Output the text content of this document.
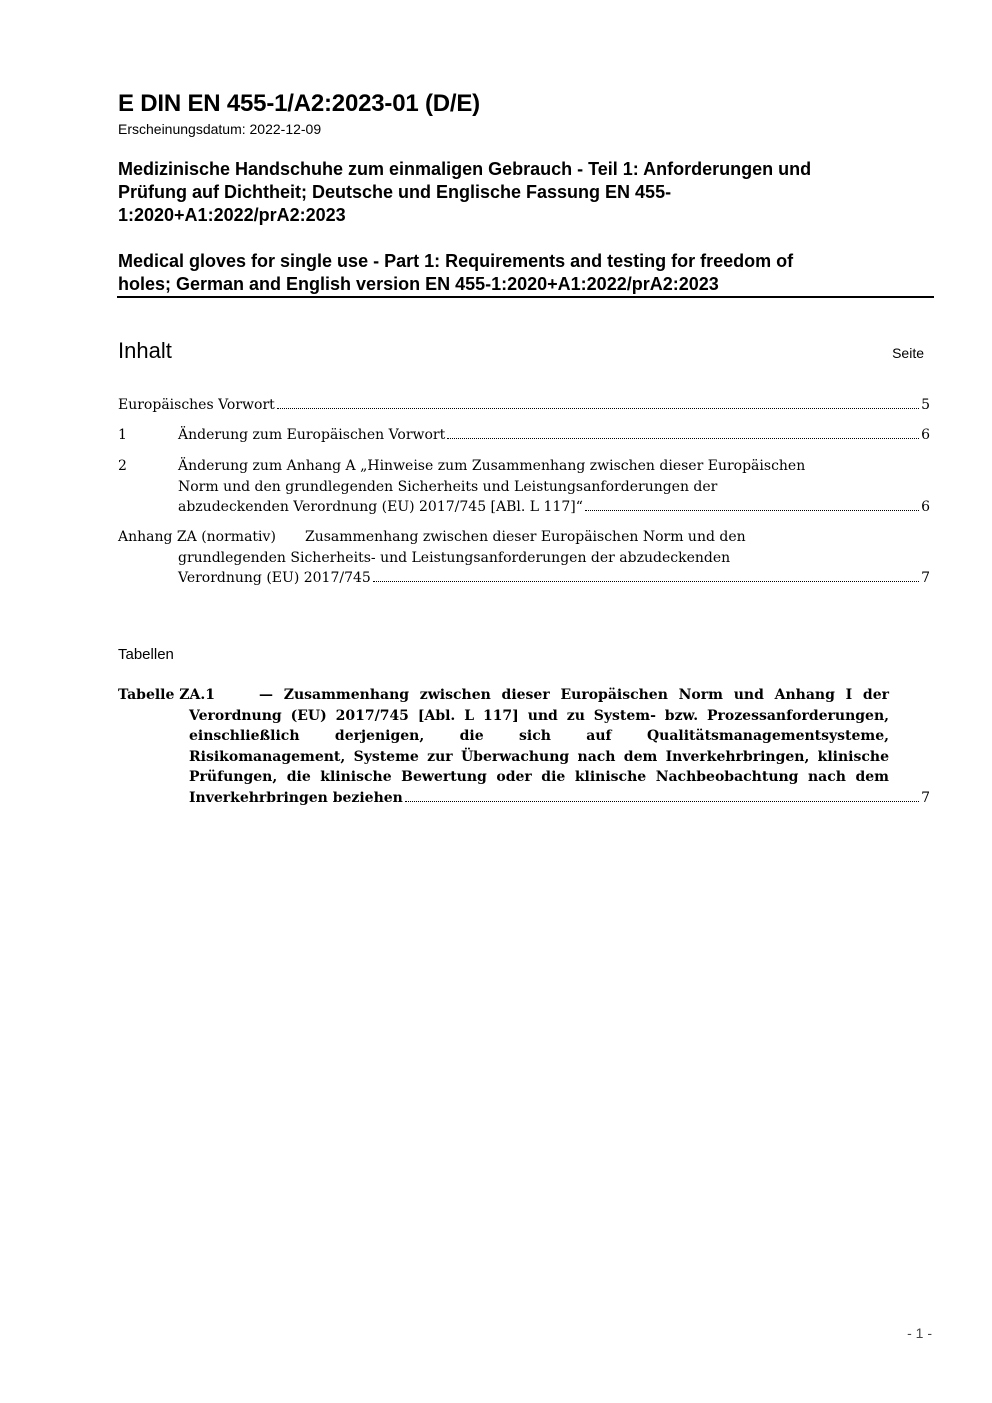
E DIN EN 455-1/A2:2023-01 (D/E)
Erscheinungsdatum: 2022-12-09
Medizinische Handschuhe zum einmaligen Gebrauch - Teil 1: Anforderungen und
Prüfung auf Dichtheit; Deutsche und Englische Fassung EN 455-
1:2020+A1:2022/prA2:2023
Medical gloves for single use - Part 1: Requirements and testing for freedom of
holes; German and English version EN 455-1:2020+A1:2022/prA2:2023
Inhalt	Seite
Europäisches Vorwort	5
1	Änderung zum Europäischen Vorwort	6
2	Änderung zum Anhang A „Hinweise zum Zusammenhang zwischen dieser Europäischen
Norm und den grundlegenden Sicherheits und Leistungsanforderungen der
abzudeckenden Verordnung (EU) 2017/745 [ABl. L 117]“	6
Anhang ZA (normativ) Zusammenhang zwischen dieser Europäischen Norm und den
grundlegenden Sicherheits- und Leistungsanforderungen der abzudeckenden
Verordnung (EU) 2017/745	7
Tabellen
Tabelle ZA.1	— Zusammenhang zwischen dieser Europäischen Norm und Anhang I der
Verordnung (EU) 2017/745 [Abl. L 117] und zu System- bzw. Prozessanforderungen,
einschließlich derjenigen, die sich auf Qualitätsmanagementsysteme,
Risikomanagement, Systeme zur Überwachung nach dem Inverkehrbringen, klinische
Prüfungen, die klinische Bewertung oder die klinische Nachbeobachtung nach dem
Inverkehrbringen beziehen	7
- 1 -
